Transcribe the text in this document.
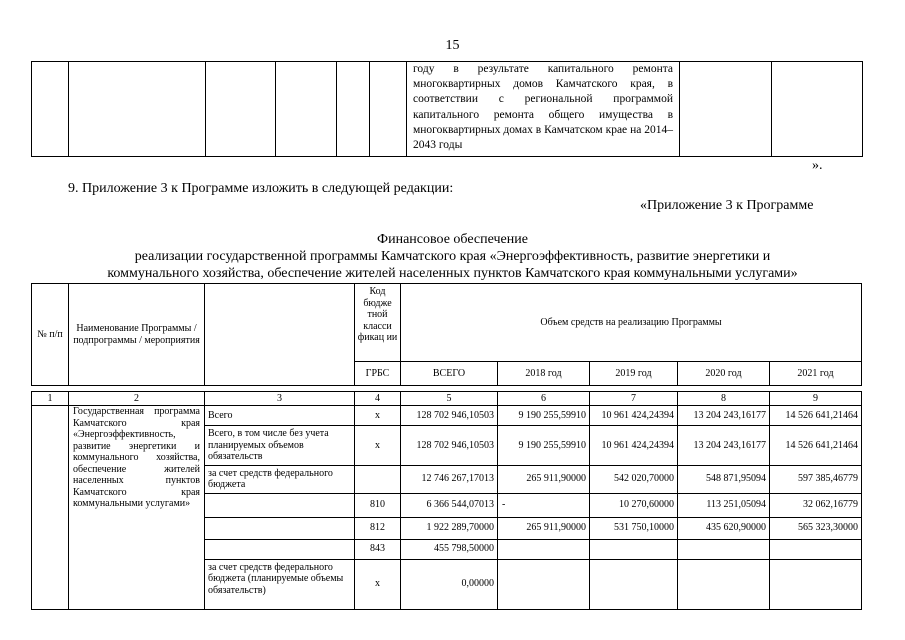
15

году в результате капитального ремонта многоквартирных домов Камчатского края, в соответствии с региональной программой капитального ремонта общего имущества в многоквартирных домах в Камчатском крае на 2014–2043 годы

».
9. Приложение 3 к Программе изложить в следующей редакции:
«Приложение 3 к Программе
Финансовое обеспечение
реализации государственной программы Камчатского края «Энергоэффективность, развитие энергетики и
коммунального хозяйства, обеспечение жителей населенных пунктов Камчатского края коммунальными услугами»
№ п/п	Наименование Программы / подпрограммы / мероприятия		Код бюдже тной класси фикац ии	Объем средств на реализацию Программы				
			ГРБС	ВСЕГО	2018 год	2019 год	2020 год	2021 год

1	2	3	4	5	6	7	8	9

	Государственная программа Камчатского края «Энергоэффективность, развитие энергетики и коммунального хозяйства, обеспечение жителей населенных пунктов Камчатского края коммунальными услугами»	Всего	x	128 702 946,10503	9 190 255,59910	10 961 424,24394	13 204 243,16177	14 526 641,21464
		Всего, в том числе без учета планируемых объемов обязательств	x	128 702 946,10503	9 190 255,59910	10 961 424,24394	13 204 243,16177	14 526 641,21464
		за счет средств федерального бюджета		12 746 267,17013	265 911,90000	542 020,70000	548 871,95094	597 385,46779
			810	6 366 544,07013	-	10 270,60000	113 251,05094	32 062,16779
			812	1 922 289,70000	265 911,90000	531 750,10000	435 620,90000	565 323,30000
			843	455 798,50000				
		за счет средств федерального бюджета (планируемые объемы обязательств)	x	0,00000				
